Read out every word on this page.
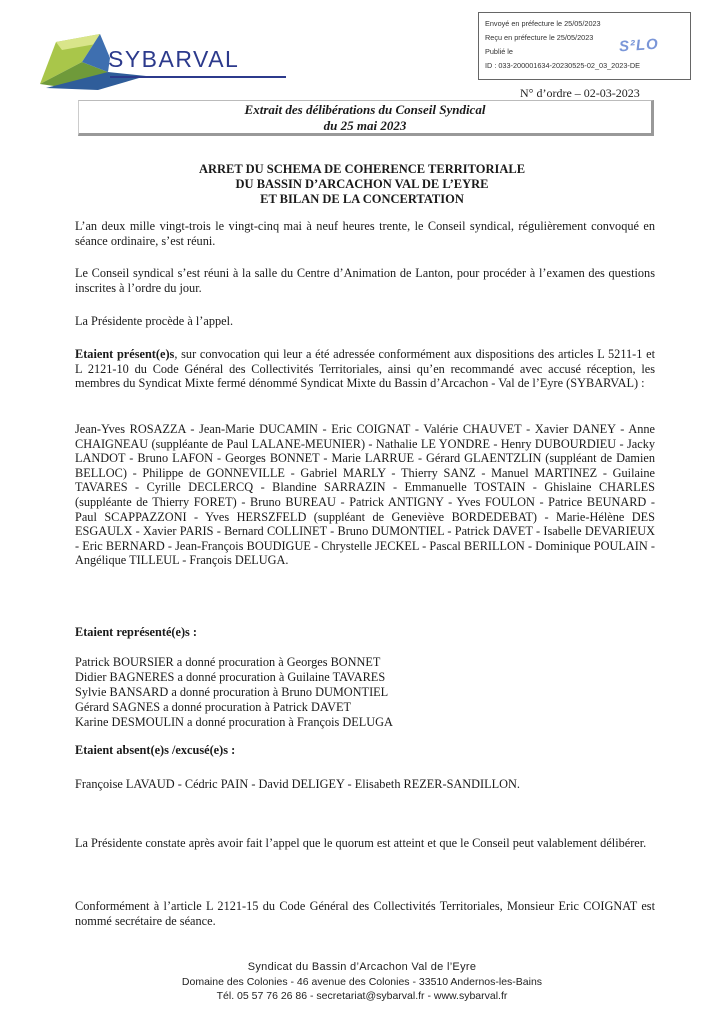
SYBARVAL
Envoyé en préfecture le 25/05/2023
Reçu en préfecture le 25/05/2023
Publié le
ID : 033-200001634-20230525-02_03_2023-DE
S²LO
N° d’ordre – 02-03-2023
Extrait des délibérations du Conseil Syndical
du 25 mai 2023
ARRET DU SCHEMA DE COHERENCE TERRITORIALE
DU BASSIN D’ARCACHON VAL DE L’EYRE
ET BILAN DE LA CONCERTATION
L’an deux mille vingt-trois le vingt-cinq mai à neuf heures trente, le Conseil syndical, régulièrement convoqué en séance ordinaire, s’est réuni.
Le Conseil syndical s’est réuni à la salle du Centre d’Animation de Lanton, pour procéder à l’examen des questions inscrites à l’ordre du jour.
La Présidente procède à l’appel.
Etaient présent(e)s, sur convocation qui leur a été adressée conformément aux dispositions des articles L 5211-1 et L 2121-10 du Code Général des Collectivités Territoriales, ainsi qu’en recommandé avec accusé réception, les membres du Syndicat Mixte fermé dénommé Syndicat Mixte du Bassin d’Arcachon - Val de l’Eyre (SYBARVAL) :
Jean-Yves ROSAZZA - Jean-Marie DUCAMIN - Eric COIGNAT - Valérie CHAUVET - Xavier DANEY - Anne CHAIGNEAU (suppléante de Paul LALANE-MEUNIER) - Nathalie LE YONDRE - Henry DUBOURDIEU - Jacky LANDOT - Bruno LAFON - Georges BONNET - Marie LARRUE - Gérard GLAENTZLIN (suppléant de Damien BELLOC) - Philippe de GONNEVILLE - Gabriel MARLY - Thierry SANZ - Manuel MARTINEZ - Guilaine TAVARES - Cyrille DECLERCQ - Blandine SARRAZIN - Emmanuelle TOSTAIN - Ghislaine CHARLES (suppléante de Thierry FORET) - Bruno BUREAU - Patrick ANTIGNY - Yves FOULON - Patrice BEUNARD - Paul SCAPPAZZONI - Yves HERSZFELD (suppléant de Geneviève BORDEDEBAT) - Marie-Hélène DES ESGAULX - Xavier PARIS - Bernard COLLINET - Bruno DUMONTIEL - Patrick DAVET - Isabelle DEVARIEUX - Eric BERNARD - Jean-François BOUDIGUE - Chrystelle JECKEL - Pascal BERILLON - Dominique POULAIN - Angélique TILLEUL - François DELUGA.
Etaient représenté(e)s :
Patrick BOURSIER a donné procuration à Georges BONNET
Didier BAGNERES a donné procuration à Guilaine TAVARES
Sylvie BANSARD a donné procuration à Bruno DUMONTIEL
Gérard SAGNES a donné procuration à Patrick DAVET
Karine DESMOULIN a donné procuration à François DELUGA
Etaient absent(e)s /excusé(e)s :
Françoise LAVAUD - Cédric PAIN - David DELIGEY - Elisabeth REZER-SANDILLON.
La Présidente constate après avoir fait l’appel que le quorum est atteint et que le Conseil peut valablement délibérer.
Conformément à l’article L 2121-15 du Code Général des Collectivités Territoriales, Monsieur Eric COIGNAT est nommé secrétaire de séance.
Syndicat du Bassin d’Arcachon Val de l’Eyre
Domaine des Colonies - 46 avenue des Colonies - 33510 Andernos-les-Bains
Tél. 05 57 76 26 86 - secretariat@sybarval.fr - www.sybarval.fr
